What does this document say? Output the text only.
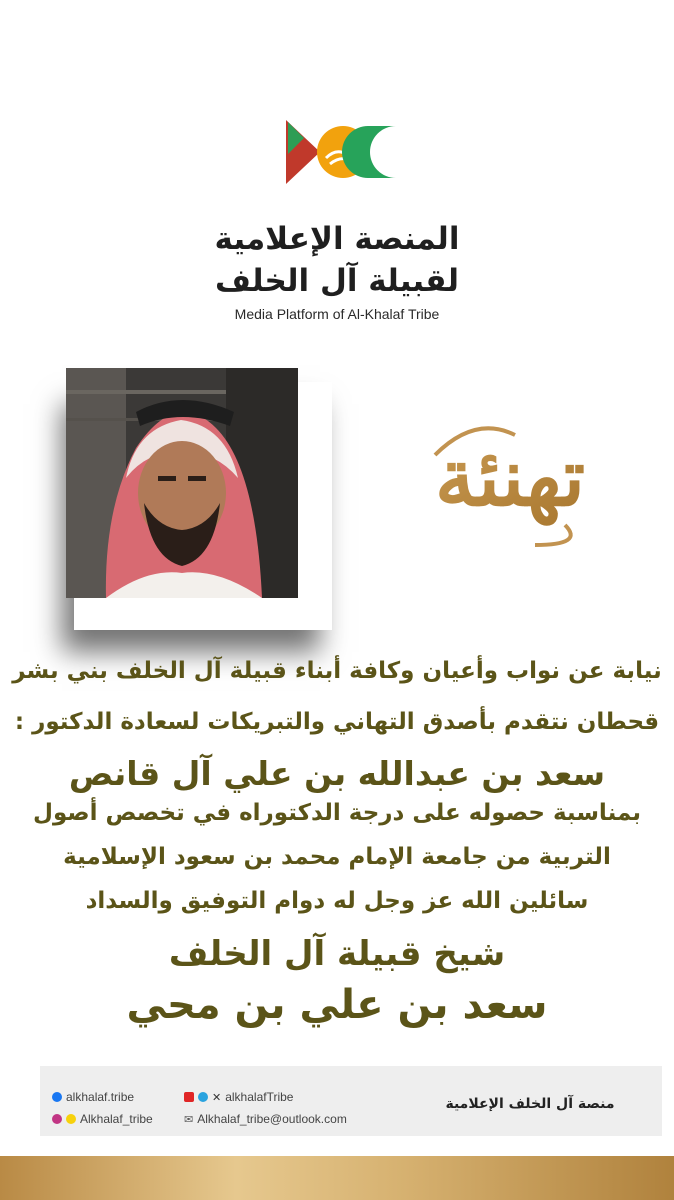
المنصة الإعلامية
لقبيلة آل الخلف
Media Platform of Al-Khalaf Tribe
تهنئة
نيابة عن نواب وأعيان وكافة أبناء قبيلة آل الخلف بني بشر
قحطان نتقدم بأصدق التهاني والتبريكات لسعادة الدكتور :
سعد بن عبدالله بن علي آل قانص
بمناسبة حصوله على درجة الدكتوراه في تخصص أصول
التربية من جامعة الإمام محمد بن سعود الإسلامية
سائلين الله عز وجل له دوام التوفيق والسداد
شيخ قبيلة آل الخلف
سعد بن علي بن محي
alkhalaf.tribe
Alkhalaf_tribe
✕ alkhalafTribe
✉ Alkhalaf_tribe@outlook.com
منصة آل الخلف الإعلامية
